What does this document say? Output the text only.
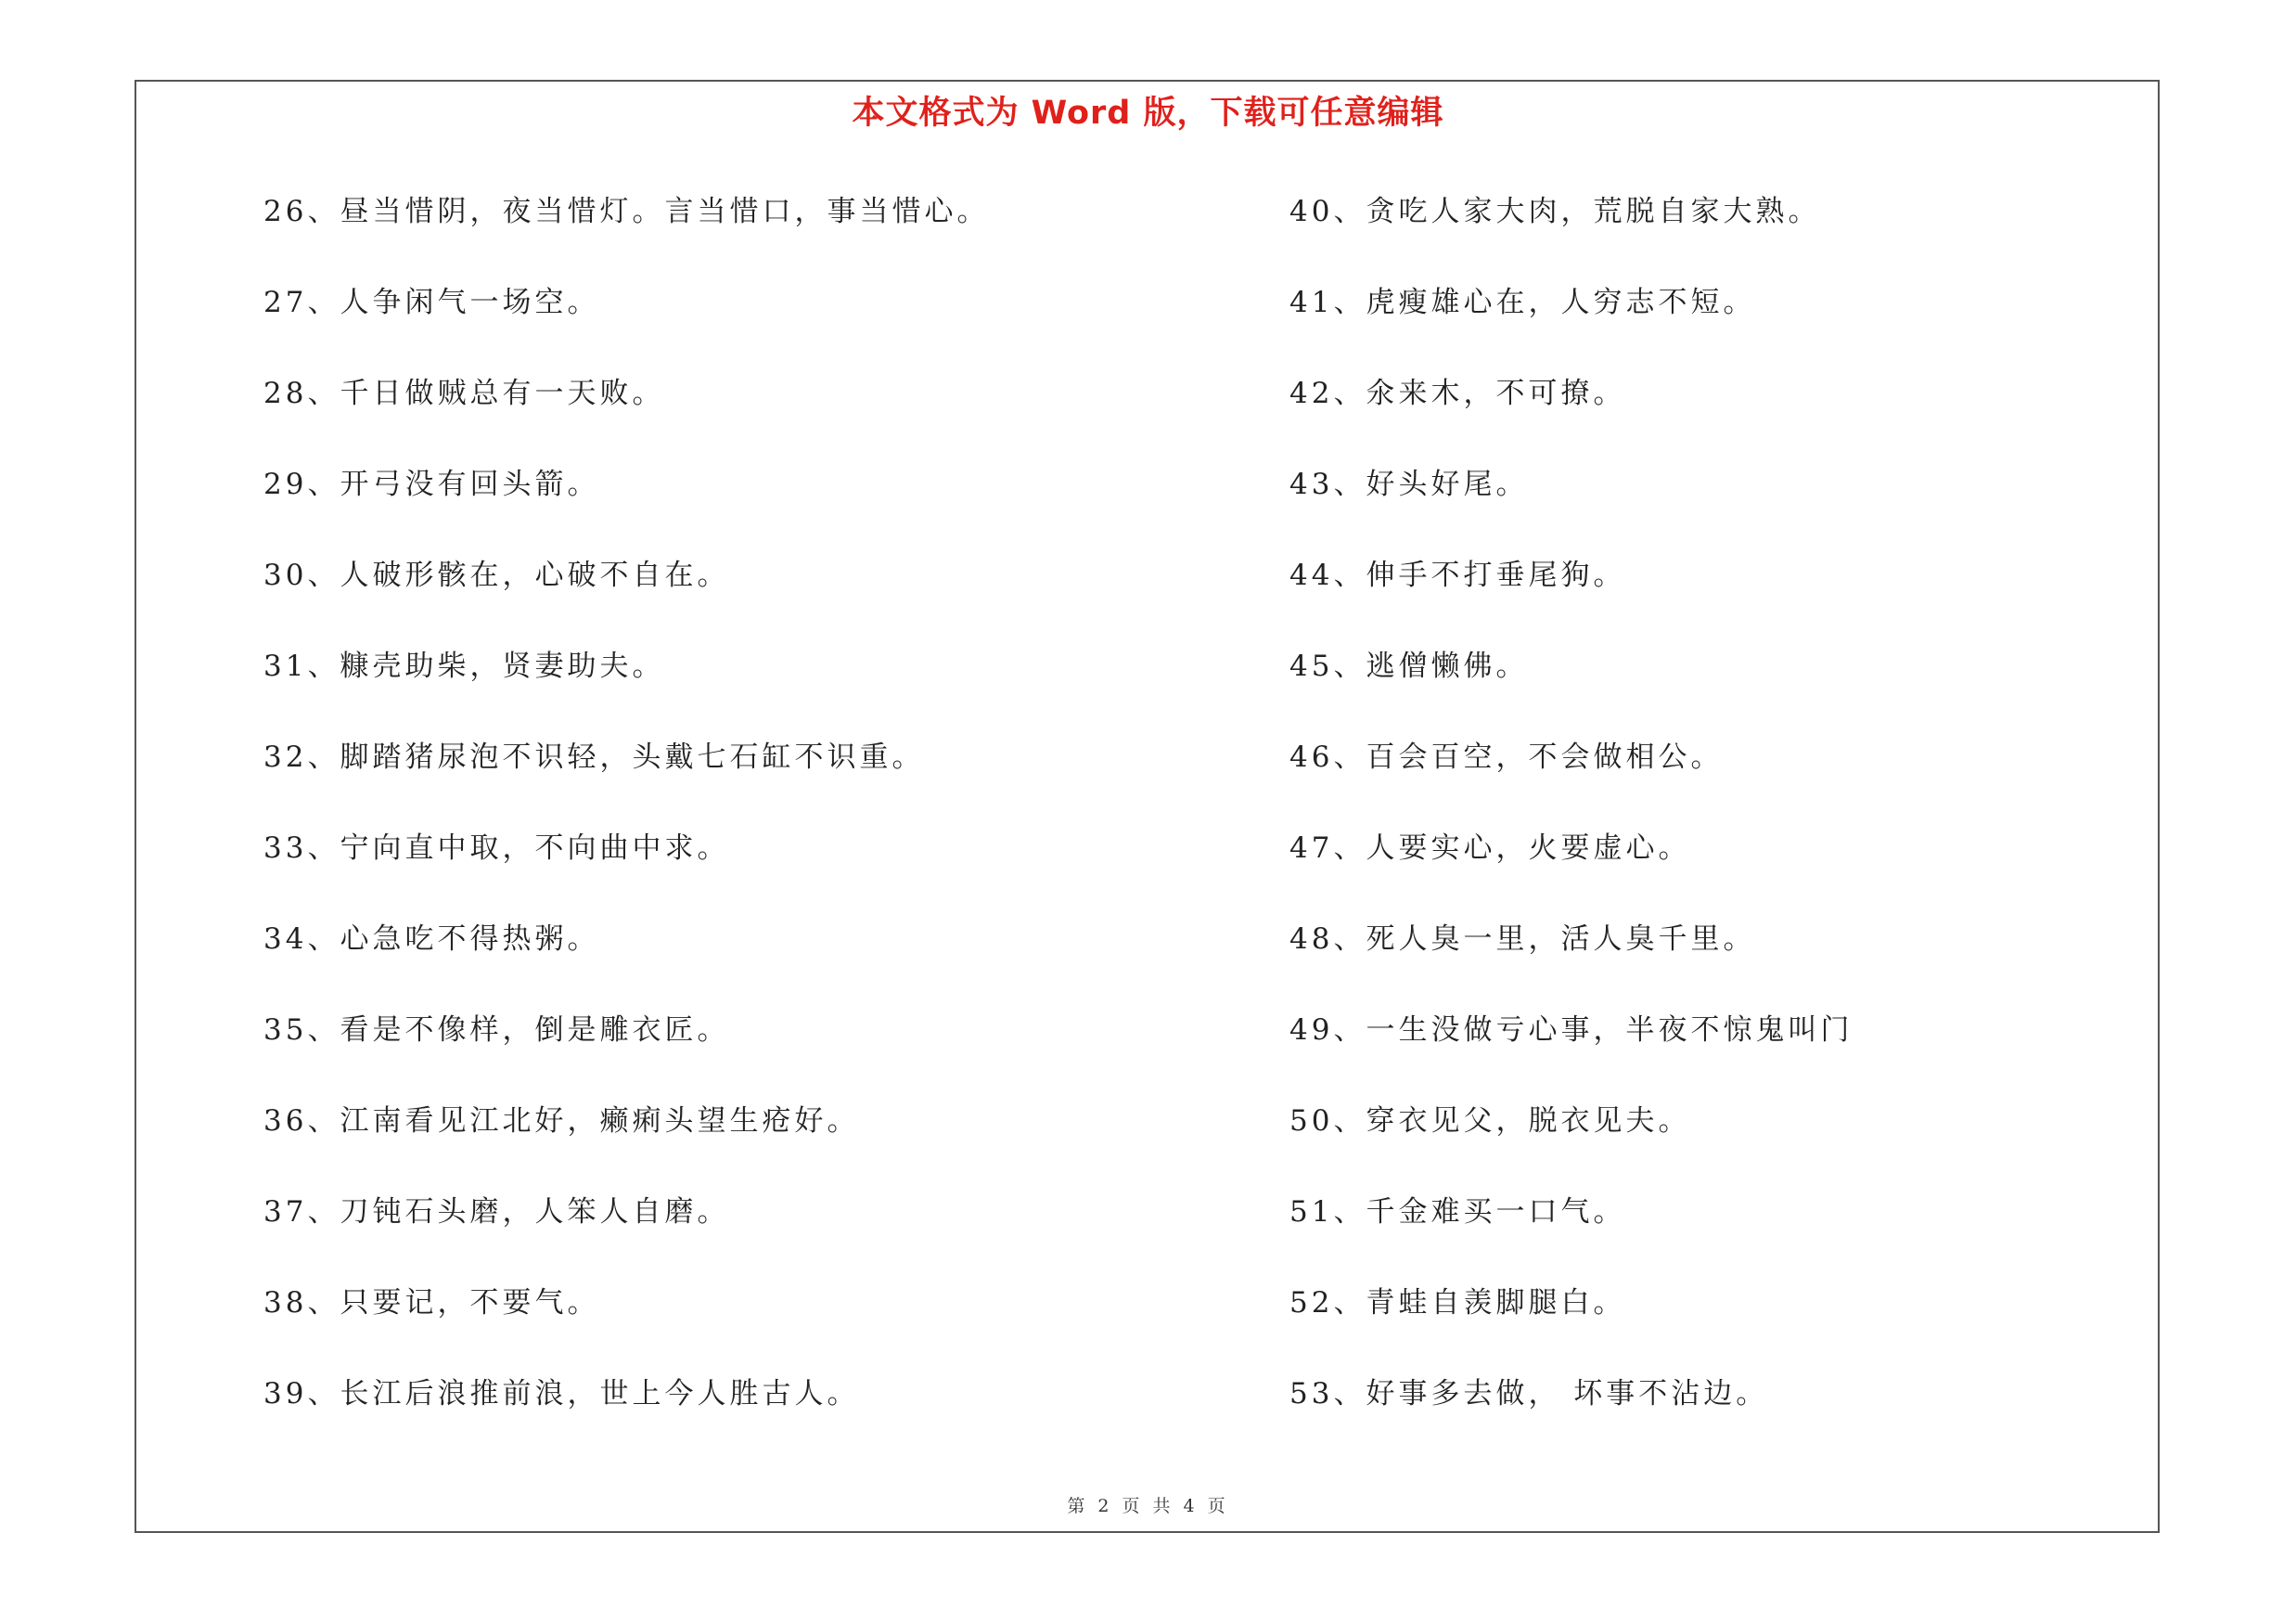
本文格式为 Word 版，下载可任意编辑
26、昼当惜阴，夜当惜灯。言当惜口，事当惜心。
27、人争闲气一场空。
28、千日做贼总有一天败。
29、开弓没有回头箭。
30、人破形骸在，心破不自在。
31、糠壳助柴，贤妻助夫。
32、脚踏猪尿泡不识轻，头戴七石缸不识重。
33、宁向直中取，不向曲中求。
34、心急吃不得热粥。
35、看是不像样，倒是雕衣匠。
36、江南看见江北好，癞痢头望生疮好。
37、刀钝石头磨，人笨人自磨。
38、只要记，不要气。
39、长江后浪推前浪，世上今人胜古人。
40、贪吃人家大肉，荒脱自家大熟。
41、虎瘦雄心在，人穷志不短。
42、氽来木，不可撩。
43、好头好尾。
44、伸手不打垂尾狗。
45、逃僧懒佛。
46、百会百空，不会做相公。
47、人要实心，火要虚心。
48、死人臭一里，活人臭千里。
49、一生没做亏心事，半夜不惊鬼叫门
50、穿衣见父，脱衣见夫。
51、千金难买一口气。
52、青蛙自羡脚腿白。
53、好事多去做， 坏事不沾边。
第 2 页 共 4 页
